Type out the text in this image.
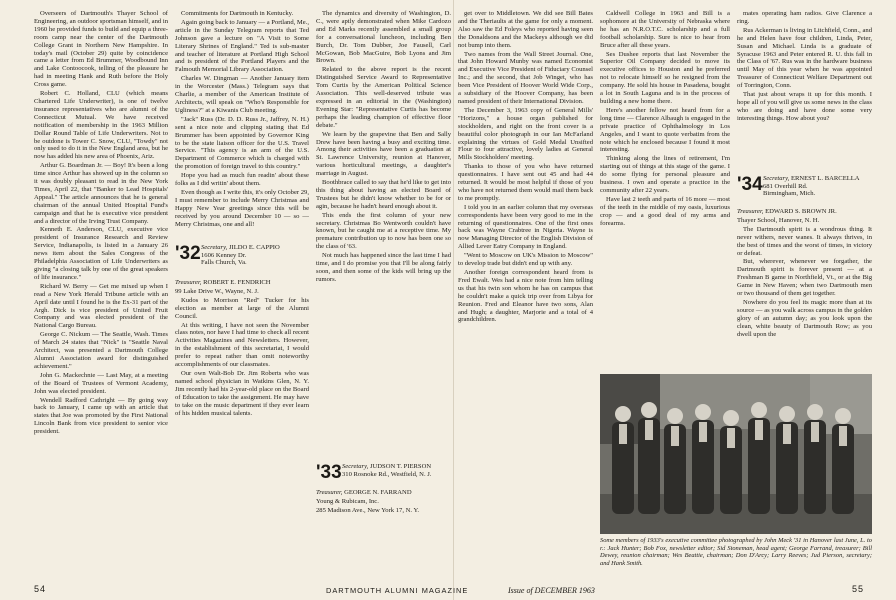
Overseers of Dartmouth's Thayer School of Engineering, an outdoor sportsman himself, and in 1960 he provided funds to build and equip a three-room camp near the center of the Dartmouth College Grant in Northern New Hampshire. In today's mail (October 29) quite by coincidence came a letter from Ed Brummer, Woodbound Inn and Lake Contoocook, telling of the pleasure he had in meeting Hank and Ruth before the Holy Cross game.

Robert C. Holland, CLU (which means Chartered Life Underwriter), is one of twelve insurance representatives who are alumni of the Connecticut Mutual. We have received notification of membership in the 1963 Million Dollar Round Table of Life Underwriters. Not to be outdone is Tower C. Snow, CLU, "Towdy" not only used to do it in the New England area, but he now has added his new area of Phoenix, Ariz.

Arthur G. Boardman Jr. — Boy! It's been a long time since Arthur has showed up in the column so it was doubly pleasant to read in the New York Times, April 22, that "Banker to Lead Hospitals' Appeal." The article announces that he is general chairman of the annual United Hospital Fund's campaign and that he is executive vice president and a director of the Irving Trust Company.

Kenneth E. Anderson, CLU, executive vice president of Insurance Research and Review Service, Indianapolis, is listed in a January 26 news item about the Sales Congress of the Philadelphia Association of Life Underwriters as giving "a closing talk by one of the great speakers of life insurance."

Richard W. Berry — Get me mixed up when I read a New York Herald Tribune article with an April date until I found he is the Ex-31 part of the Argh. Dick is vice president of United Fruit Company and was elected president of the National Cargo Bureau.

George C. Nickum — The Seattle, Wash. Times of March 24 states that "Nick" is "Seattle Naval Architect, was presented a Dartmouth College Alumni Association award for distinguished achievement."

John G. Mackechnie — Last May, at a meeting of the Board of Trustees of Vermont Academy, John was elected president.

Wendell Radford Cathright — By going way back to January, I came up with an article that states that Joe was promoted by the First National Lincoln Bank from vice president to senior vice president.

Commitments for Dartmouth in Kentucky.

Again going back to January — a Portland, Me., article in the Sunday Telegram reports that Ted Johnson gave a lecture on "A Visit to Some Literary Shrines of England." Ted is sub-master and teacher of literature at Portland High School and is president of the Portland Players and the Falmouth Memorial Library Association.

Charles W. Dingman — Another January item in the Worcester (Mass.) Telegram says that Charlie, a member of the American Institute of Architects, will speak on "Who's Responsible for Ugliness?" at a Kiwanis Club meeting.

"Jack" Russ (Dr. D. D. Russ Jr., Jaffrey, N. H.) sent a nice note and clipping stating that Ed Brummer has been appointed by Governor King to be the state liaison officer for the U.S. Travel Service. "This agency is an arm of the U.S. Department of Commerce which is charged with the promotion of foreign travel to this country."

Hope you had as much fun readin' about these folks as I did writin' about them.

Even though as I write this, it's only October 29, I must remember to include Merry Christmas and Happy New Year greetings since this will be received by you around December 10 — so — Merry Christmas, one and all!

'32 Secretary, JILDO E. CAPPIO
1606 Kenney Dr.
Falls Church, Va.

Treasurer, ROBERT E. FENDRICH

99 Lake Drive W., Wayne, N. J.

Kudos to Morrison "Red" Tucker for his election as member at large of the Alumni Council.

At this writing, I have not seen the November class notes, nor have I had time to check all recent Activities Magazines and Newsletters. However, in the establishment of this secretariat, I would prefer to repeat rather than omit noteworthy accomplishments of our classmates.

Our own Walt-Bob Dr. Jim Roberts who was named school physician in Watkins Glen, N. Y. Jim recently had his 2-year-old place on the Board of Education to take the assignment. He may have to take on the music department if they ever learn of his hidden musical talents.

The dynamics and diversity of Washington, D. C., were aptly demonstrated when Mike Cardozo and Ed Marks recently assembled a small group for a conversational luncheon, including Ben Burch, Dr. Tom Dubber, Joe Fausell, Carl McGowan, Bob MacGuire, Bob Lyons and Jim Brown.

Related to the above report is the recent Distinguished Service Award to Representative Tom Curtis by the American Political Science Association. This well-deserved tribute was expressed in an editorial in the (Washington) Evening Star: "Representative Curtis has become perhaps the leading champion of effective floor debate."

We learn by the grapevine that Ben and Sally Drew have been having a busy and exciting time. Among their activities have been a graduation at St. Lawrence University, reunion at Hanover, various horticultural meetings, a daughter's marriage in August.

Boothbrace called to say that he'd like to get into this thing about having an elected Board of Trustees but he didn't know whether to be for or agin, because he hadn't heard enough about it.

This ends the first column of your new secretary. Christmas Bo Wentworth couldn't have known, but he caught me at a receptive time. My premature contribution up to now has been one so the class of '63.

Not much has happened since the last time I had time, and I do promise you that I'll be along fairly soon, and then some of the kids will bring up the rumors.

'33 Secretary, JUDSON T. PIERSON
310 Rosnoke Rd., Westfield, N. J.

Treasurer, GEORGE N. FARRAND

Young & Rubicam, Inc.

285 Madison Ave., New York 17, N. Y.

get over to Middletown. We did see Bill Bates and the Theriaults at the game for only a moment. Also saw the Ed Foleys who reported having seen the Donaldsons and the Mackeys although we did not bump into them.

Two names from the Wall Street Journal. One, that John Howard Munby was named Economist and Executive Vice President of Fiduciary Counsel Inc.; and the second, that Job Winget, who has been Vice President of Hoover World Wide Corp., a subsidiary of the Hoover Company, has been named president of their International Division.

The December 3, 1963 copy of General Mills' "Horizons," a house organ published for stockholders, and right on the front cover is a beautiful color photograph in our Ian McFarland explaining the virtues of Gold Medal Unsifted Flour to four attractive, lovely ladies at General Mills Stockholders' meeting.

Thanks to those of you who have returned questionnaires. I have sent out 45 and had 44 returned. It would be most helpful if those of you who have not returned them would mail them back to me promptly.

I told you in an earlier column that my overseas correspondents have been very good to me in the returning of questionnaires. One of the first ones back was Wayne Crabtree in Nigeria. Wayne is now Managing Director of the English Division of Allied Lever Eatry Company in England.

"Went to Moscow on UK's Mission to Moscow" to develop trade but didn't end up with any.

Another foreign correspondent heard from is Fred Ewalt. Wes had a nice note from him telling us that his twin son whom he has on campus that he couldn't make a quick trip over from Libya for Reunion. Fred and Eleanor have two sons, Alan and Hugh; a daughter, Marjorie and a total of 4 grandchildren.

Caldwell College in 1963 and Bill is a sophomore at the University of Nebraska where he has an N.R.O.T.C. scholarship and a full football scholarship. Sure is nice to hear from Bruce after all these years.

Ses Dushee reports that last November the Superior Oil Company decided to move its executive offices to Houston and he preferred not to relocate himself so he resigned from the company. He sold his house in Pasadena, bought a lot in South Laguna and is in the process of building a new home there.

Here's another fellow not heard from for a long time — Clarence Albaugh is engaged in the private practice of Ophthalmology in Los Angeles, and I want to quote verbatim from the note which he enclosed because I found it most interesting.

Thinking along the lines of retirement, I'm starting out of things at this stage of the game. I do some flying for personal pleasure and business. I own and operate a practice in the community after 22 years.

Have last 2 teeth and parts of 16 more — most of the teeth in the middle of my oasis, luxurious crop — and a good deal of my arms and forearms.

mates operating ham radios. Give Clarence a ring.

Rus Ackerman is living in Litchfield, Conn., and he and Helen have four children, Linda, Peter, Susan and Michael. Linda is a graduate of Syracuse 1963 and Peter entered R. U. this fall in the Class of '67. Rus was in the hardware business until May of this year when he was appointed Treasurer of Connecticut Welfare Department out of Torrington, Conn.

That just about wraps it up for this month. I hope all of you will give us some news in the class who are doing and have done some very interesting things. How about you?

'34 Secretary, ERNEST L. BARCELLA
681 Overhill Rd.
Birmingham, Mich.

Treasurer, EDWARD S. BROWN JR.

Thayer School, Hanover, N. H.

The Dartmouth spirit is a wondrous thing. It never withers, never wanes. It always thrives, in the best of times and the worst of times, in victory or defeat.

But, wherever, whenever we forgather, the Dartmouth spirit is forever present — at a Freshman B game in Northfield, Vt., or at the Big Game in New Haven; when two Dartmouth men or two thousand of them get together.

Nowhere do you feel its magic more than at its source — as you walk across campus in the golden glory of an autumn day; as you look upon the clean, white beauty of Dartmouth Row; as you dwell upon the

Some members of 1933's executive committee photographed by John Meck '31 in Hanover last June, L. to r.: Jack Hunter; Bob Fox, newsletter editor; Sid Stoneman, head agent; George Farrand, treasurer; Bill Dewey, reunion chairman; Wes Beattie, chairman; Don D'Arcy; Larry Reeves; Jud Pierson, secretary; and Hank Smith.
54	DARTMOUTH ALUMNI MAGAZINE	Issue of DECEMBER 1963	55
